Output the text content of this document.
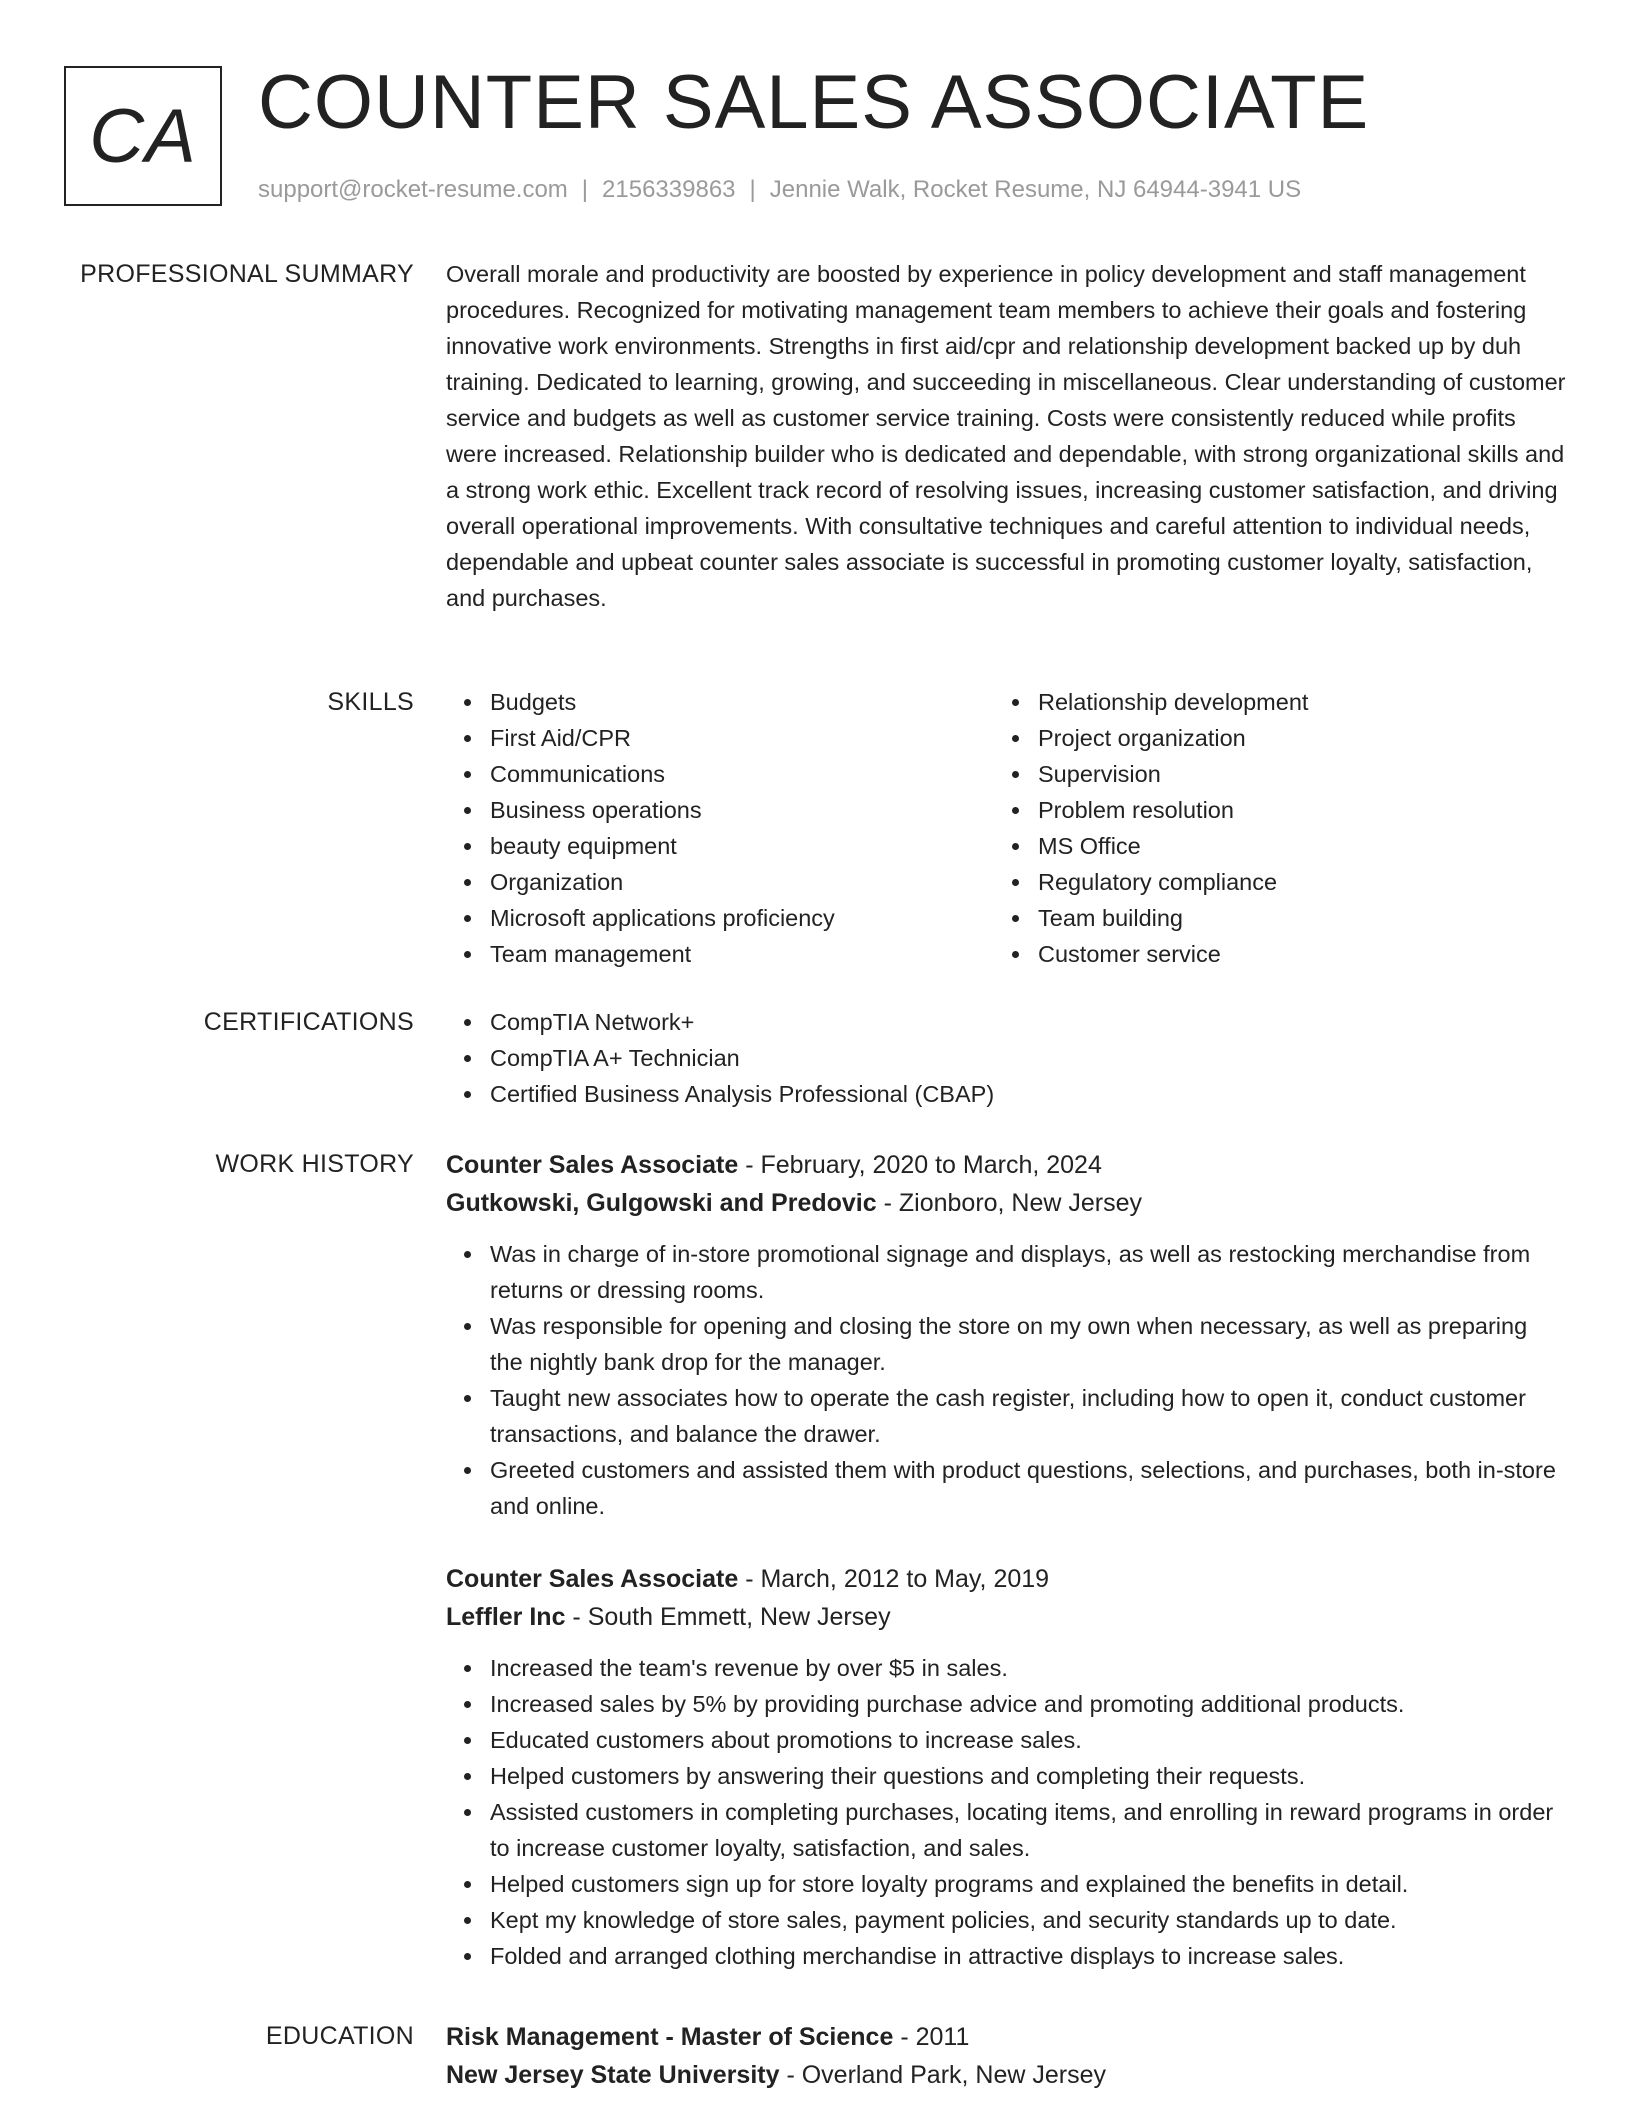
CA COUNTER SALES ASSOCIATE
support@rocket-resume.com | 2156339863 | Jennie Walk, Rocket Resume, NJ 64944-3941 US
PROFESSIONAL SUMMARY Overall morale and productivity are boosted by experience in policy development and staff management procedures. Recognized for motivating management team members to achieve their goals and fostering innovative work environments. Strengths in first aid/cpr and relationship development backed up by duh training. Dedicated to learning, growing, and succeeding in miscellaneous. Clear understanding of customer service and budgets as well as customer service training. Costs were consistently reduced while profits were increased. Relationship builder who is dedicated and dependable, with strong organizational skills and a strong work ethic. Excellent track record of resolving issues, increasing customer satisfaction, and driving overall operational improvements. With consultative techniques and careful attention to individual needs, dependable and upbeat counter sales associate is successful in promoting customer loyalty, satisfaction, and purchases.

SKILLS	Budgets
First Aid/CPR
Communications
Business operations
beauty equipment
Organization
Microsoft applications proficiency
Team management
Relationship development
Project organization
Supervision
Problem resolution
MS Office
Regulatory compliance
Team building
Customer service
CERTIFICATIONS	CompTIA Network+
CompTIA A+ Technician
Certified Business Analysis Professional (CBAP)
WORK HISTORY Counter Sales Associate - February, 2020 to March, 2024
Gutkowski, Gulgowski and Predovic - Zionboro, New Jersey
Was in charge of in-store promotional signage and displays, as well as restocking merchandise from returns or dressing rooms.
Was responsible for opening and closing the store on my own when necessary, as well as preparing the nightly bank drop for the manager.
Taught new associates how to operate the cash register, including how to open it, conduct customer transactions, and balance the drawer.
Greeted customers and assisted them with product questions, selections, and purchases, both in-store and online.
Counter Sales Associate - March, 2012 to May, 2019
Leffler Inc - South Emmett, New Jersey
Increased the team's revenue by over $5 in sales.
Increased sales by 5% by providing purchase advice and promoting additional products.
Educated customers about promotions to increase sales.
Helped customers by answering their questions and completing their requests.
Assisted customers in completing purchases, locating items, and enrolling in reward programs in order to increase customer loyalty, satisfaction, and sales.
Helped customers sign up for store loyalty programs and explained the benefits in detail.
Kept my knowledge of store sales, payment policies, and security standards up to date.
Folded and arranged clothing merchandise in attractive displays to increase sales.
EDUCATION Risk Management - Master of Science - 2011
New Jersey State University - Overland Park, New Jersey
